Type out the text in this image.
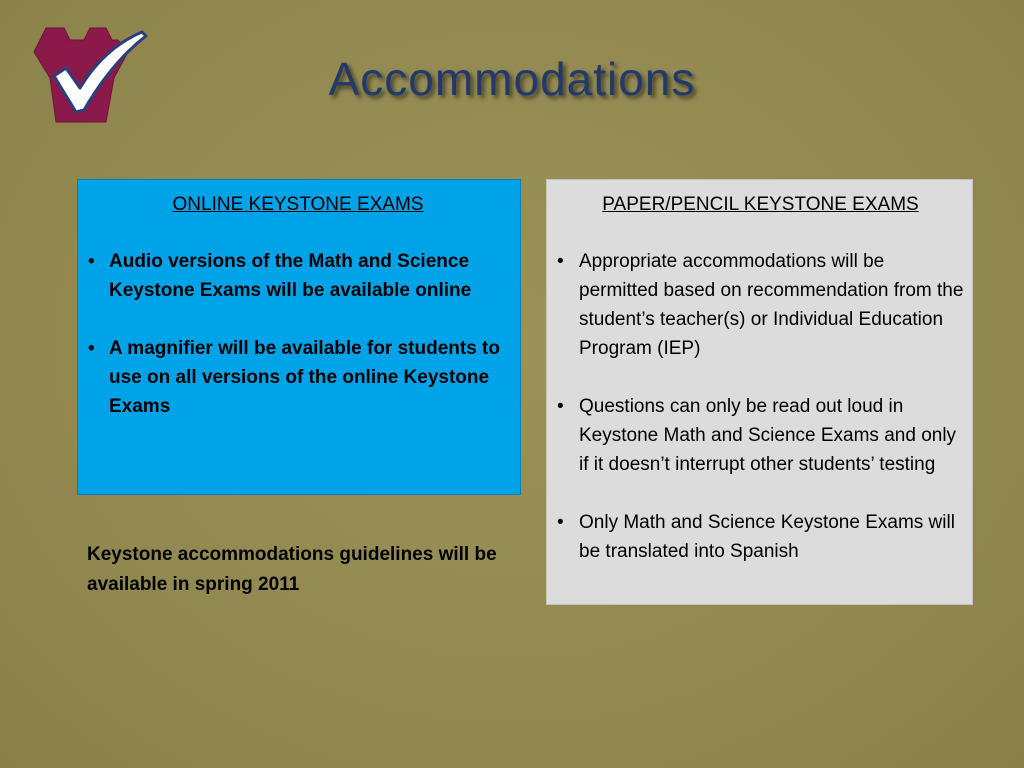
Accommodations

ONLINE KEYSTONE EXAMS

• Audio versions of the Math and Science Keystone Exams will be available online
• A magnifier will be available for students to use on all versions of the online Keystone Exams

PAPER/PENCIL KEYSTONE EXAMS

• Appropriate accommodations will be permitted based on recommendation from the student’s teacher(s) or Individual Education Program (IEP)
• Questions can only be read out loud in Keystone Math and Science Exams and only if it doesn’t interrupt other students’ testing
• Only Math and Science Keystone Exams will be translated into Spanish

Keystone accommodations guidelines will be available in spring 2011
